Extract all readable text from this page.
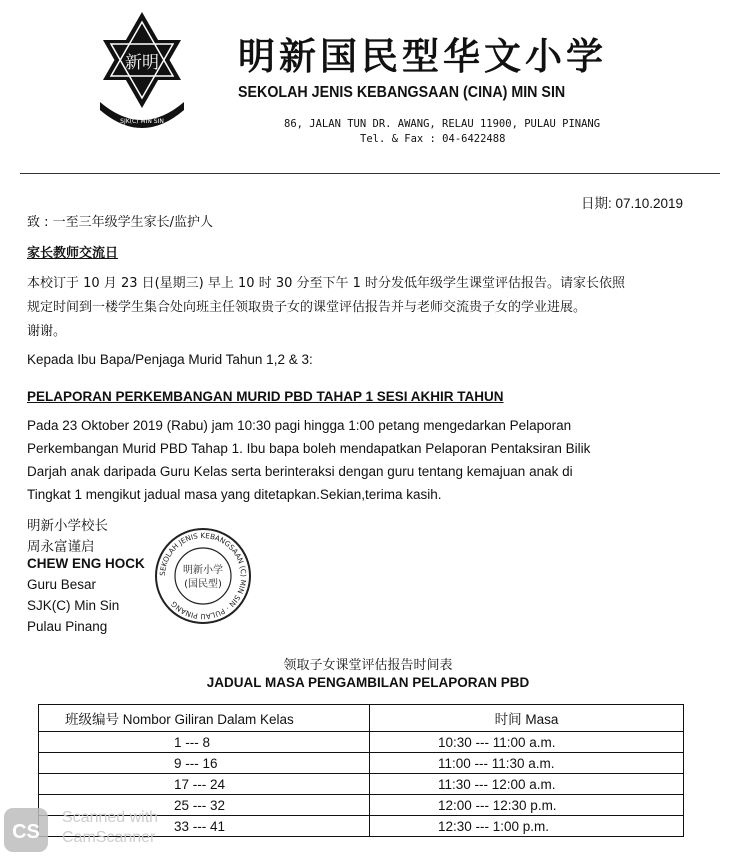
新明
SJK(C) MIN SIN
明新国民型华文小学
SEKOLAH JENIS KEBANGSAAN (CINA) MIN SIN
86, JALAN TUN DR. AWANG, RELAU 11900, PULAU PINANG
Tel. & Fax : 04-6422488
日期: 07.10.2019
致 : 一至三年级学生家长/监护人
家长教师交流日
本校订于 10 月 23 日(星期三) 早上 10 时 30 分至下午 1 时分发低年级学生课堂评估报告。请家长依照
规定时间到一楼学生集合处向班主任领取贵子女的课堂评估报告并与老师交流贵子女的学业进展。
谢谢。
Kepada Ibu Bapa/Penjaga Murid Tahun 1,2 & 3:
PELAPORAN PERKEMBANGAN MURID PBD TAHAP 1 SESI AKHIR TAHUN
Pada 23 Oktober 2019 (Rabu) jam 10:30 pagi hingga 1:00 petang mengedarkan Pelaporan
Perkembangan Murid PBD Tahap 1. Ibu bapa boleh mendapatkan Pelaporan Pentaksiran Bilik
Darjah anak daripada Guru Kelas serta berinteraksi dengan guru tentang kemajuan anak di
Tingkat 1 mengikut jadual masa yang ditetapkan.Sekian,terima kasih.
明新小学校长
周永富谨启
CHEW ENG HOCK
Guru Besar
SJK(C) Min Sin
Pulau Pinang
SEKOLAH JENIS KEBANGSAAN (C) MIN SIN · PULAU PINANG
明新小学
(国民型)
领取子女课堂评估报告时间表
JADUAL MASA PENGAMBILAN PELAPORAN PBD
班级编号 Nombor Giliran Dalam Kelas	时间 Masa
1 --- 8	10:30 --- 11:00 a.m.
9 --- 16	11:00 --- 11:30 a.m.
17 --- 24	11:30 --- 12:00 a.m.
25 --- 32	12:00 --- 12:30 p.m.
33 --- 41	12:30 --- 1:00 p.m.
CS
Scanned with
CamScanner
